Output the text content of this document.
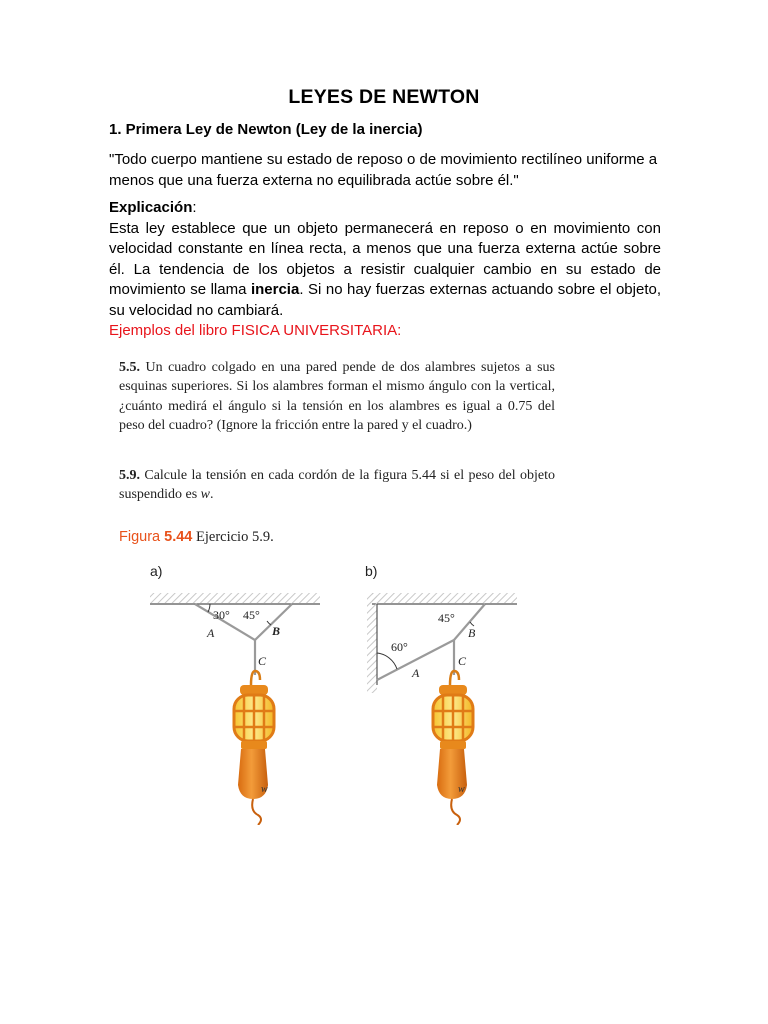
LEYES DE NEWTON
1. Primera Ley de Newton (Ley de la inercia)
"Todo cuerpo mantiene su estado de reposo o de movimiento rectilíneo uniforme a menos que una fuerza externa no equilibrada actúe sobre él."
Explicación:
Esta ley establece que un objeto permanecerá en reposo o en movimiento con velocidad constante en línea recta, a menos que una fuerza externa actúe sobre él. La tendencia de los objetos a resistir cualquier cambio en su estado de movimiento se llama inercia. Si no hay fuerzas externas actuando sobre el objeto, su velocidad no cambiará.
Ejemplos del libro FISICA UNIVERSITARIA:
5.5. Un cuadro colgado en una pared pende de dos alambres sujetos a sus esquinas superiores. Si los alambres forman el mismo ángulo con la vertical, ¿cuánto medirá el ángulo si la tensión en los alambres es igual a 0.75 del peso del cuadro? (Ignore la fricción entre la pared y el cuadro.)
5.9. Calcule la tensión en cada cordón de la figura 5.44 si el peso del objeto suspendido es w.
Figura 5.44 Ejercicio 5.9.
a)	b)
30° 45°
A	B
C
w
45°
60°
A
B
C
w
